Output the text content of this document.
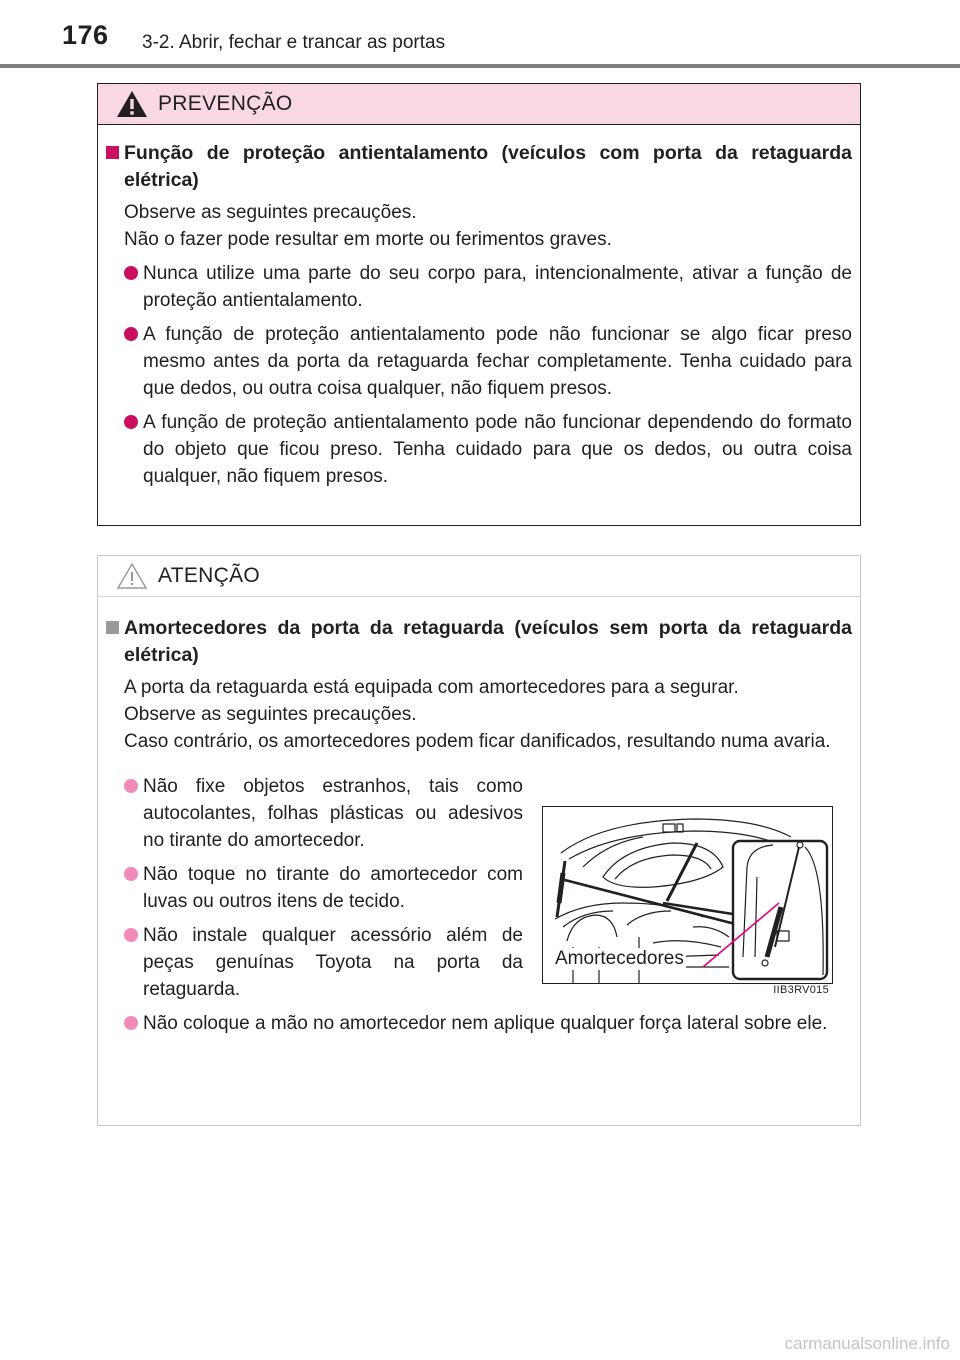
176 3-2. Abrir, fechar e trancar as portas
PREVENÇÃO
Função de proteção antientalamento (veículos com porta da retaguarda elétrica)
Observe as seguintes precauções.
Não o fazer pode resultar em morte ou ferimentos graves.
Nunca utilize uma parte do seu corpo para, intencionalmente, ativar a função de proteção antientalamento.
A função de proteção antientalamento pode não funcionar se algo ficar preso mesmo antes da porta da retaguarda fechar completamente. Tenha cuidado para que dedos, ou outra coisa qualquer, não fiquem presos.
A função de proteção antientalamento pode não funcionar dependendo do formato do objeto que ficou preso. Tenha cuidado para que os dedos, ou outra coisa qualquer, não fiquem presos.
ATENÇÃO
Amortecedores da porta da retaguarda (veículos sem porta da retaguarda elétrica)
A porta da retaguarda está equipada com amortecedores para a segurar.
Observe as seguintes precauções.
Caso contrário, os amortecedores podem ficar danificados, resultando numa avaria.
Não fixe objetos estranhos, tais como autocolantes, folhas plásticas ou adesivos no tirante do amortecedor.
Não toque no tirante do amortecedor com luvas ou outros itens de tecido.
Não instale qualquer acessório além de peças genuínas Toyota na porta da retaguarda.
Não coloque a mão no amortecedor nem aplique qualquer força lateral sobre ele.
Amortecedores
IIB3RV015
carmanualsonline.info
